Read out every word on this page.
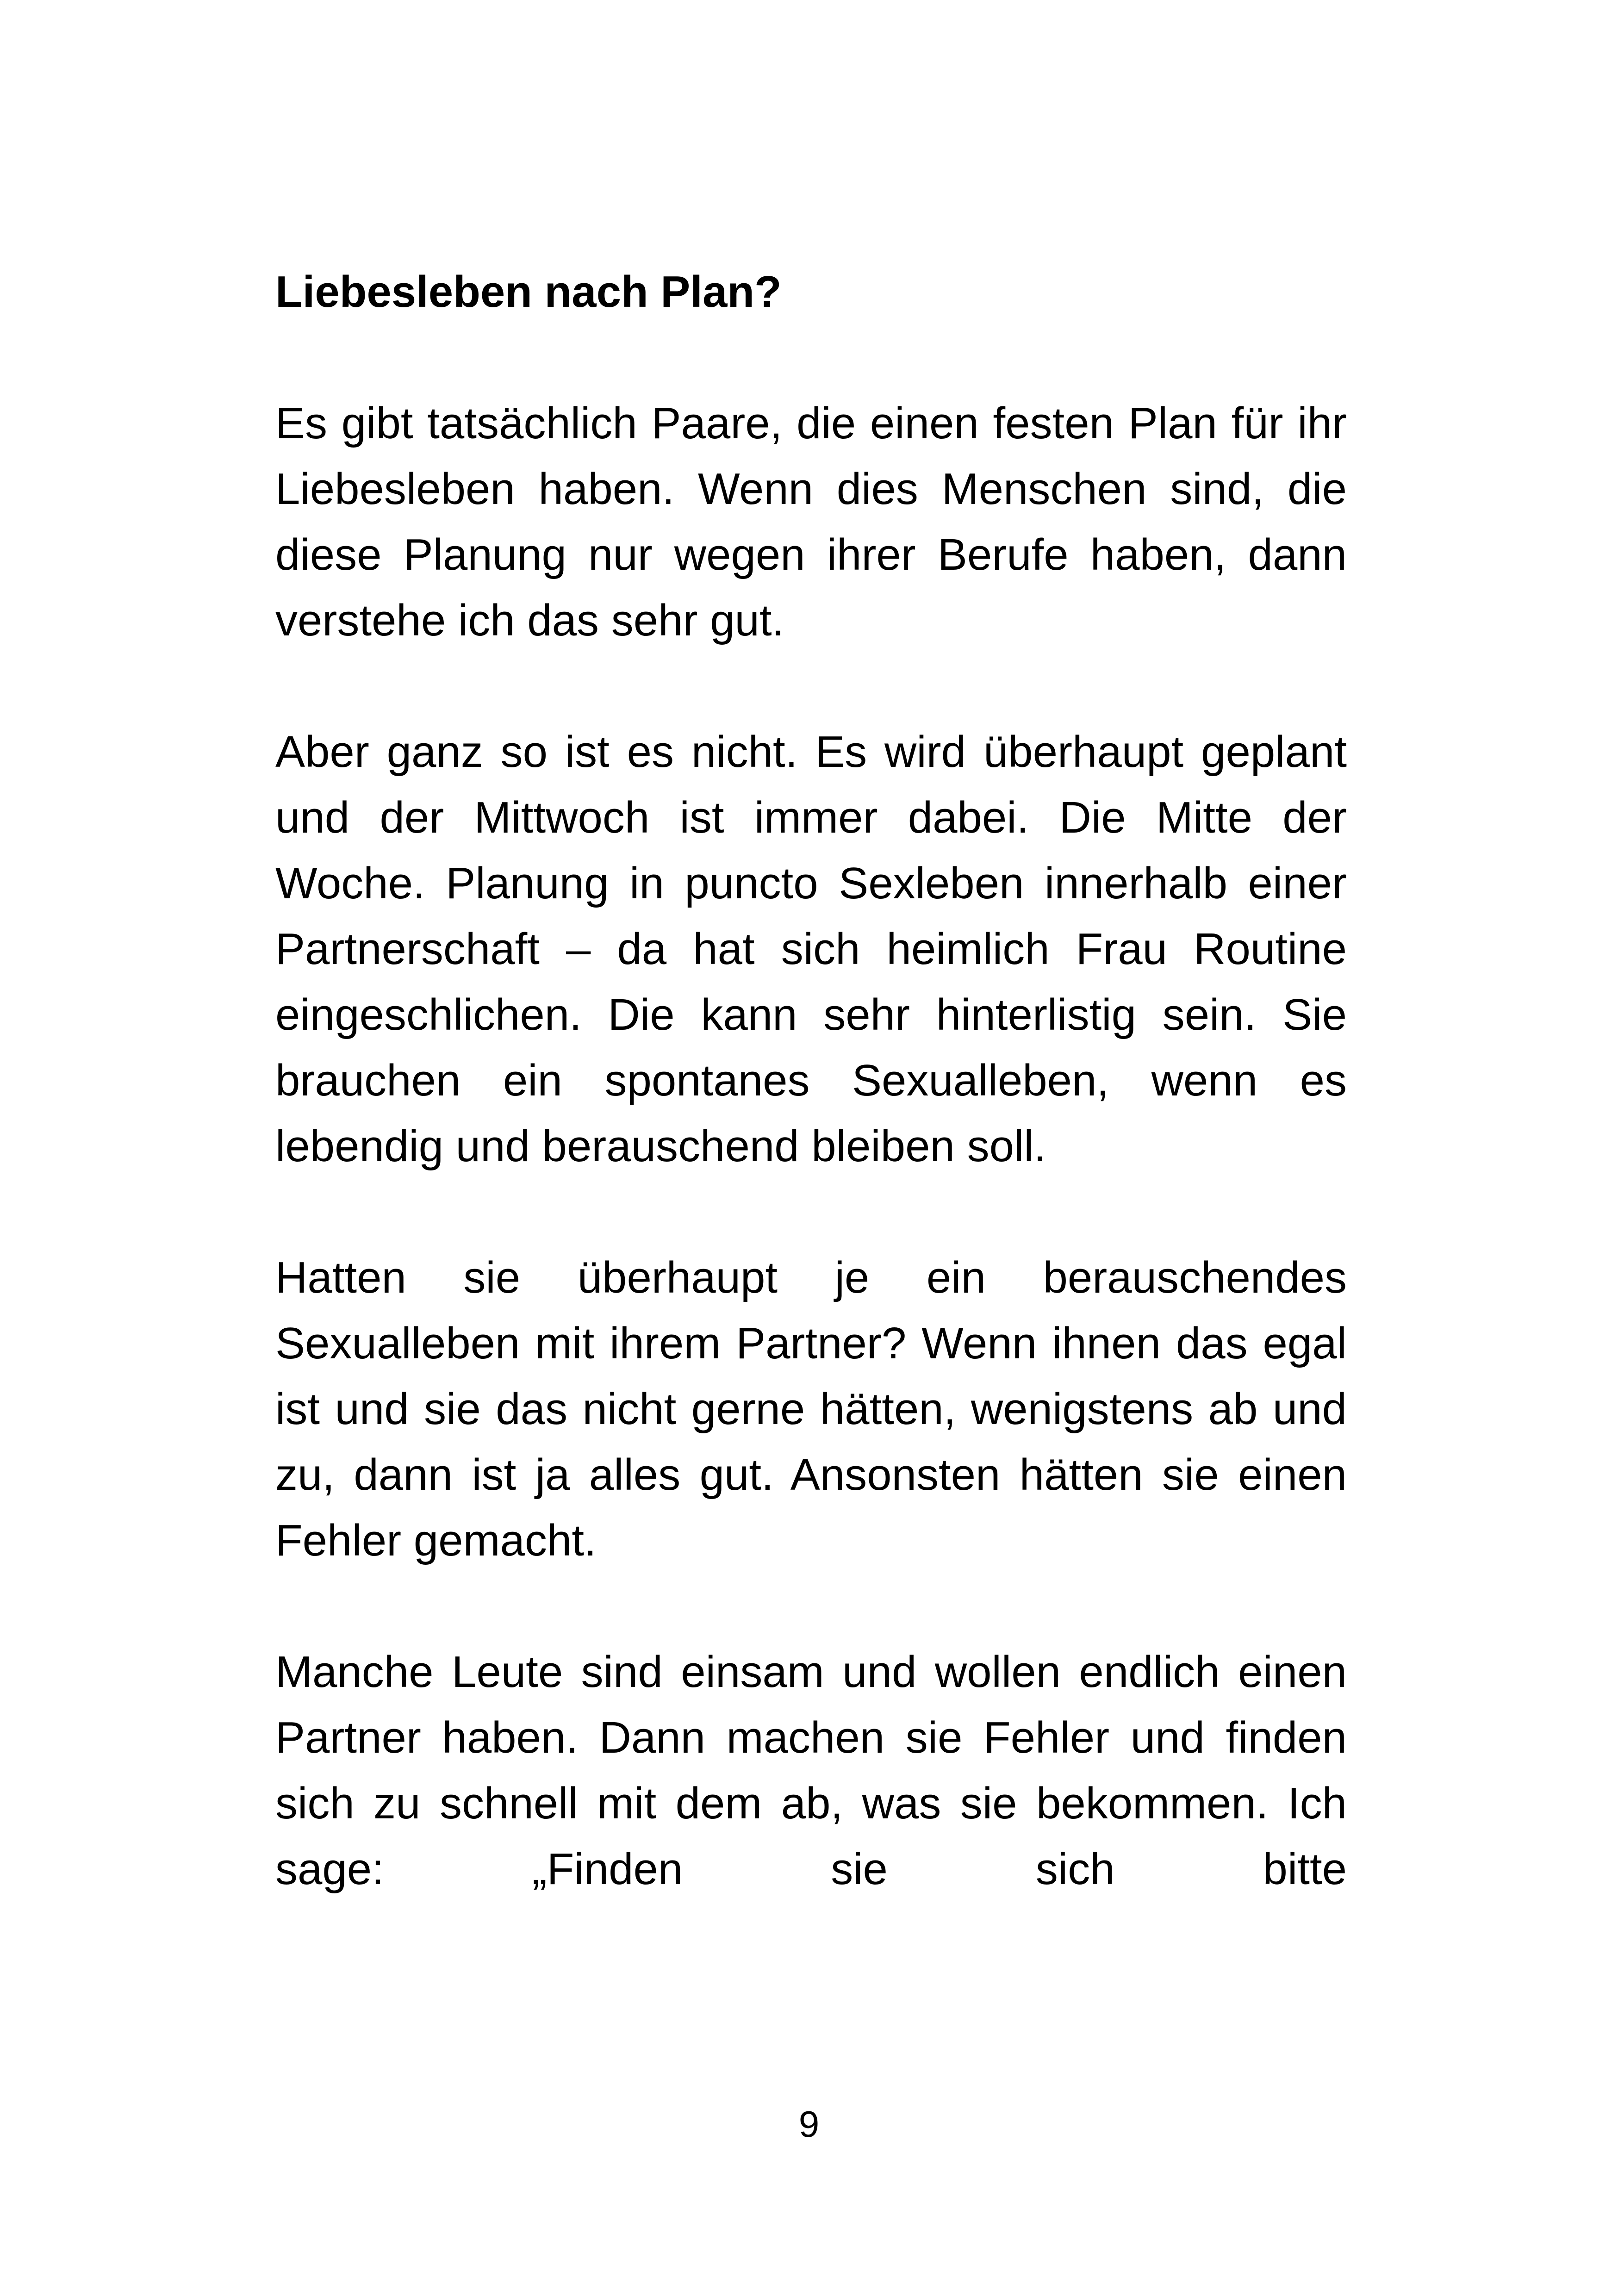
Liebesleben nach Plan?

Es gibt tatsächlich Paare, die einen festen Plan für ihr Liebesleben haben. Wenn dies Menschen sind, die diese Planung nur wegen ihrer Berufe haben, dann verstehe ich das sehr gut.

Aber ganz so ist es nicht. Es wird überhaupt geplant und der Mittwoch ist immer dabei. Die Mitte der Woche. Planung in puncto Sexleben innerhalb einer Partnerschaft – da hat sich heimlich Frau Routine eingeschlichen. Die kann sehr hinterlistig sein. Sie brauchen ein spontanes Sexualleben, wenn es lebendig und berauschend bleiben soll.

Hatten sie überhaupt je ein berauschendes Sexualleben mit ihrem Partner? Wenn ihnen das egal ist und sie das nicht gerne hätten, wenigstens ab und zu, dann ist ja alles gut. Ansonsten hätten sie einen Fehler gemacht.

Manche Leute sind einsam und wollen endlich einen Partner haben. Dann machen sie Fehler und finden sich zu schnell mit dem ab, was sie bekommen. Ich sage: „Finden sie sich bitte

9
